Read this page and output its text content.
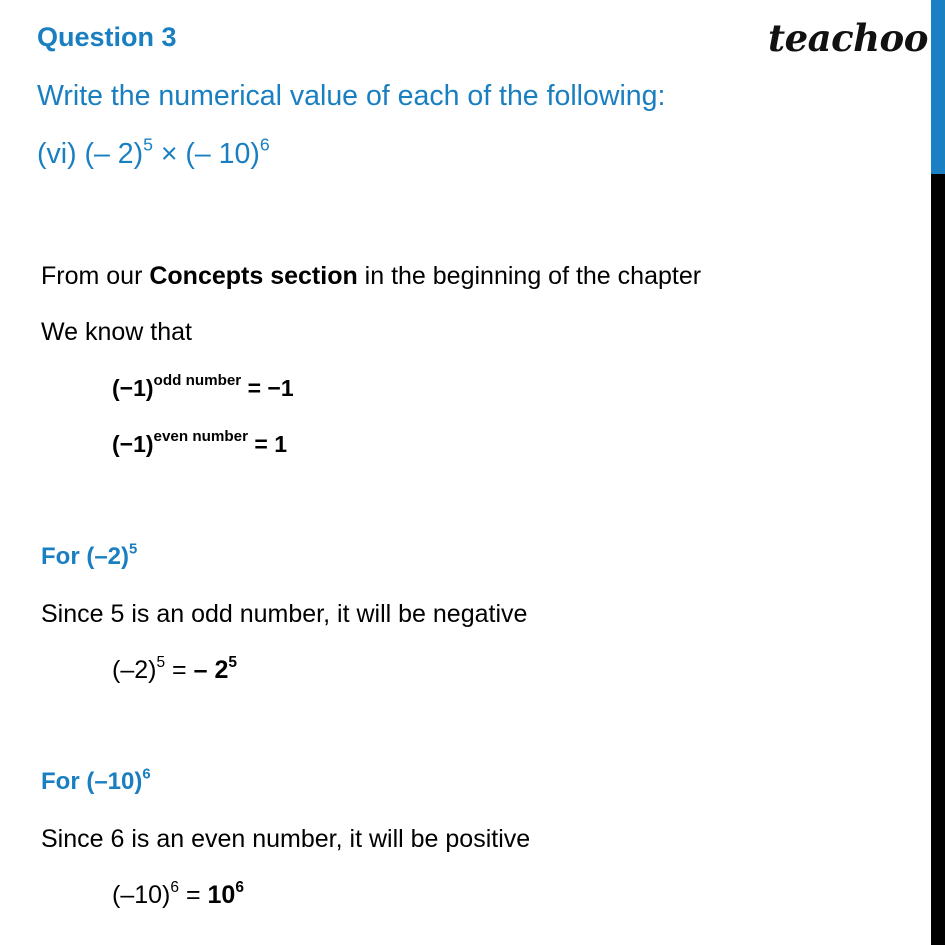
Question 3	teachoo
Write the numerical value of each of the following:
(vi) (– 2)$^5$ × (– 10)$^6$
From our Concepts section in the beginning of the chapter
We know that
$(-1)^{odd number} = -1$
$(-1)^{even number} = 1$
For $(-2)^5$
Since 5 is an odd number, it will be negative
$(-2)^5$ = – $2^5$
For $(-10)^6$
Since 6 is an even number, it will be positive
$(-10)^6 = 10^6$
